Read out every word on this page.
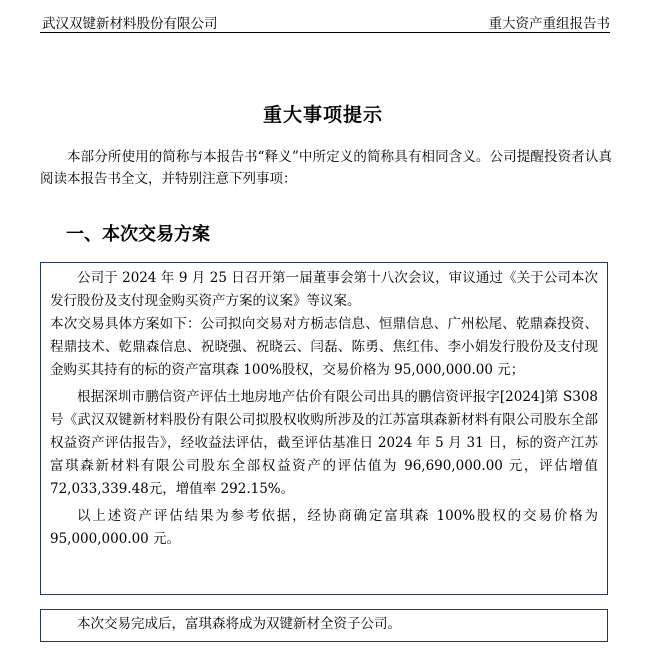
武汉双键新材料股份有限公司	重大资产重组报告书
重大事项提示
本部分所使用的简称与本报告书“释义”中所定义的简称具有相同含义。公司提醒投资者认真阅读本报告书全文，并特别注意下列事项：
一、本次交易方案

公司于 2024 年 9 月 25 日召开第一届董事会第十八次会议，审议通过《关于公司本次发行股份及支付现金购买资产方案的议案》等议案。

本次交易具体方案如下：公司拟向交易对方栃志信息、恒鼎信息、广州松尾、乾鼎森投资、程鼎技术、乾鼎森信息、祝晓强、祝晓云、闫磊、陈勇、焦红伟、李小娟发行股份及支付现金购买其持有的标的资产富琪森 100%股权，交易价格为 95,000,000.00 元；

根据深圳市鹏信资产评估土地房地产估价有限公司出具的鹏信资评报字[2024]第 S308号《武汉双键新材料股份有限公司拟股权收购所涉及的江苏富琪森新材料有限公司股东全部权益资产评估报告》，经收益法评估，截至评估基准日 2024 年 5 月 31 日，标的资产江苏富琪森新材料有限公司股东全部权益资产的评估值为 96,690,000.00 元，评估增值 72,033,339.48元，增值率 292.15%。

以上述资产评估结果为参考依据，经协商确定富琪森 100%股权的交易价格为95,000,000.00 元。

本次交易完成后，富琪森将成为双键新材全资子公司。
